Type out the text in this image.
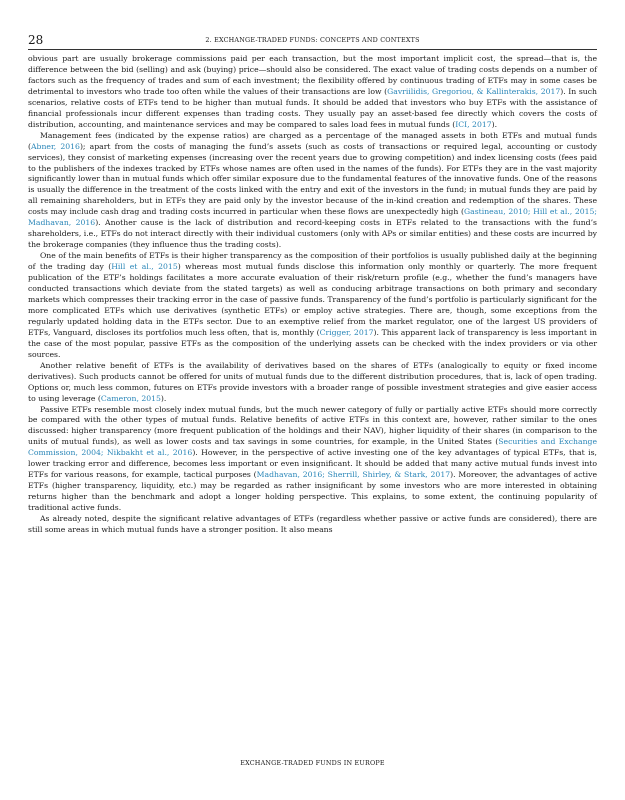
28	2. EXCHANGE-TRADED FUNDS: CONCEPTS AND CONTEXTS

obvious part are usually brokerage commissions paid per each transaction, but the most important implicit cost, the spread—that is, the difference between the bid (selling) and ask (buying) price—should also be considered. The exact value of trading costs depends on a number of factors such as the frequency of trades and sum of each investment; the flexibility offered by continuous trading of ETFs may in some cases be detrimental to investors who trade too often while the values of their transactions are low (Gavriilidis, Gregoriou, & Kallinterakis, 2017). In such scenarios, relative costs of ETFs tend to be higher than mutual funds. It should be added that investors who buy ETFs with the assistance of financial professionals incur different expenses than trading costs. They usually pay an asset-based fee directly which covers the costs of distribution, accounting, and maintenance services and may be compared to sales load fees in mutual funds (ICI, 2017).

Management fees (indicated by the expense ratios) are charged as a percentage of the managed assets in both ETFs and mutual funds (Abner, 2016); apart from the costs of managing the fund’s assets (such as costs of transactions or required legal, accounting or custody services), they consist of marketing expenses (increasing over the recent years due to growing competition) and index licensing costs (fees paid to the publishers of the indexes tracked by ETFs whose names are often used in the names of the funds). For ETFs they are in the vast majority significantly lower than in mutual funds which offer similar exposure due to the fundamental features of the innovative funds. One of the reasons is usually the difference in the treatment of the costs linked with the entry and exit of the investors in the fund; in mutual funds they are paid by all remaining shareholders, but in ETFs they are paid only by the investor because of the in-kind creation and redemption of the shares. These costs may include cash drag and trading costs incurred in particular when these flows are unexpectedly high (Gastineau, 2010; Hill et al., 2015; Madhavan, 2016). Another cause is the lack of distribution and record-keeping costs in ETFs related to the transactions with the fund’s shareholders, i.e., ETFs do not interact directly with their individual customers (only with APs or similar entities) and these costs are incurred by the brokerage companies (they influence thus the trading costs).

One of the main benefits of ETFs is their higher transparency as the composition of their portfolios is usually published daily at the beginning of the trading day (Hill et al., 2015) whereas most mutual funds disclose this information only monthly or quarterly. The more frequent publication of the ETF’s holdings facilitates a more accurate evaluation of their risk/return profile (e.g., whether the fund’s managers have conducted transactions which deviate from the stated targets) as well as conducing arbitrage transactions on both primary and secondary markets which compresses their tracking error in the case of passive funds. Transparency of the fund’s portfolio is particularly significant for the more complicated ETFs which use derivatives (synthetic ETFs) or employ active strategies. There are, though, some exceptions from the regularly updated holding data in the ETFs sector. Due to an exemptive relief from the market regulator, one of the largest US providers of ETFs, Vanguard, discloses its portfolios much less often, that is, monthly (Crigger, 2017). This apparent lack of transparency is less important in the case of the most popular, passive ETFs as the composition of the underlying assets can be checked with the index providers or via other sources.

Another relative benefit of ETFs is the availability of derivatives based on the shares of ETFs (analogically to equity or fixed income derivatives). Such products cannot be offered for units of mutual funds due to the different distribution procedures, that is, lack of open trading. Options or, much less common, futures on ETFs provide investors with a broader range of possible investment strategies and give easier access to using leverage (Cameron, 2015).

Passive ETFs resemble most closely index mutual funds, but the much newer category of fully or partially active ETFs should more correctly be compared with the other types of mutual funds. Relative benefits of active ETFs in this context are, however, rather similar to the ones discussed: higher transparency (more frequent publication of the holdings and their NAV), higher liquidity of their shares (in comparison to the units of mutual funds), as well as lower costs and tax savings in some countries, for example, in the United States (Securities and Exchange Commission, 2004; Nikbakht et al., 2016). However, in the perspective of active investing one of the key advantages of typical ETFs, that is, lower tracking error and difference, becomes less important or even insignificant. It should be added that many active mutual funds invest into ETFs for various reasons, for example, tactical purposes (Madhavan, 2016; Sherrill, Shirley, & Stark, 2017). Moreover, the advantages of active ETFs (higher transparency, liquidity, etc.) may be regarded as rather insignificant by some investors who are more interested in obtaining returns higher than the benchmark and adopt a longer holding perspective. This explains, to some extent, the continuing popularity of traditional active funds.

As already noted, despite the significant relative advantages of ETFs (regardless whether passive or active funds are considered), there are still some areas in which mutual funds have a stronger position. It also means

EXCHANGE-TRADED FUNDS IN EUROPE
